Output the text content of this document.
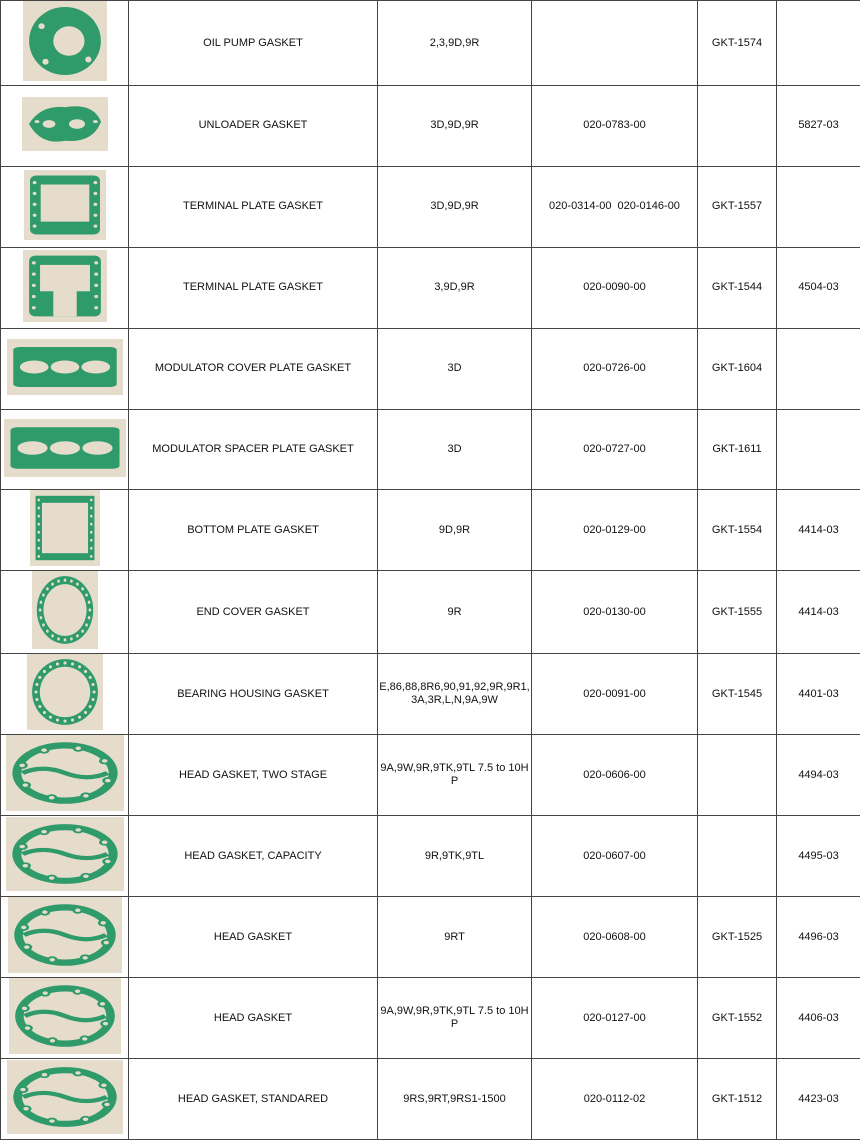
	OIL PUMP GASKET	2,3,9D,9R		GKT-1574	

	UNLOADER GASKET	3D,9D,9R	020-0783-00		5827-03

	TERMINAL PLATE GASKET	3D,9D,9R	020-0314-00  020-0146-00	GKT-1557	

	TERMINAL PLATE GASKET	3,9D,9R	020-0090-00	GKT-1544	4504-03

	MODULATOR COVER PLATE GASKET	3D	020-0726-00	GKT-1604	

	MODULATOR SPACER PLATE GASKET	3D	020-0727-00	GKT-1611	

	BOTTOM PLATE GASKET	9D,9R	020-0129-00	GKT-1554	4414-03

	END COVER GASKET	9R	020-0130-00	GKT-1555	4414-03

	BEARING HOUSING GASKET	E,86,88,8R6,90,91,92,9R,9R1,3A,3R,L,N,9A,9W	020-0091-00	GKT-1545	4401-03

	HEAD GASKET, TWO STAGE	9A,9W,9R,9TK,9TL 7.5 to 10HP	020-0606-00		4494-03

	HEAD GASKET, CAPACITY	9R,9TK,9TL	020-0607-00		4495-03

	HEAD GASKET	9RT	020-0608-00	GKT-1525	4496-03

	HEAD GASKET	9A,9W,9R,9TK,9TL 7.5 to 10HP	020-0127-00	GKT-1552	4406-03

	HEAD GASKET, STANDARED	9RS,9RT,9RS1-1500	020-0112-02	GKT-1512	4423-03
